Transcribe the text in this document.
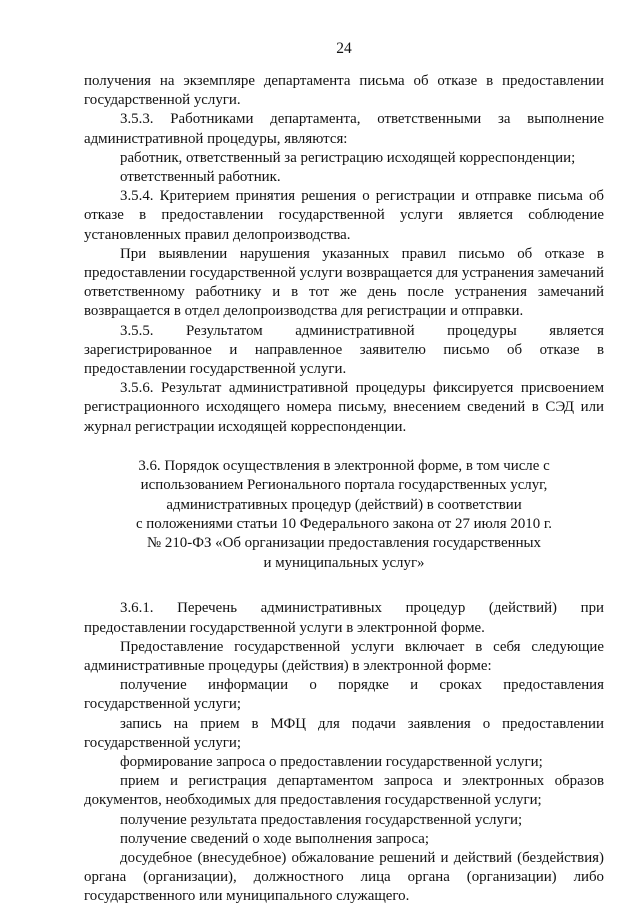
24

получения на экземпляре департамента письма об отказе в предоставлении государственной услуги.

3.5.3. Работниками департамента, ответственными за выполнение административной процедуры, являются:

работник, ответственный за регистрацию исходящей корреспонденции;

ответственный работник.

3.5.4. Критерием принятия решения о регистрации и отправке письма об отказе в предоставлении государственной услуги является соблюдение установленных правил делопроизводства.

При выявлении нарушения указанных правил письмо об отказе в предоставлении государственной услуги возвращается для устранения замечаний ответственному работнику и в тот же день после устранения замечаний возвращается в отдел делопроизводства для регистрации и отправки.

3.5.5. Результатом административной процедуры является зарегистрированное и направленное заявителю письмо об отказе в предоставлении государственной услуги.

3.5.6. Результат административной процедуры фиксируется присвоением регистрационного исходящего номера письму, внесением сведений в СЭД или журнал регистрации исходящей корреспонденции.

3.6. Порядок осуществления в электронной форме, в том числе с
использованием Регионального портала государственных услуг,
административных процедур (действий) в соответствии
с положениями статьи 10 Федерального закона от 27 июля 2010 г.
№ 210-ФЗ «Об организации предоставления государственных
и муниципальных услуг»

3.6.1. Перечень административных процедур (действий) при предоставлении государственной услуги в электронной форме.

Предоставление государственной услуги включает в себя следующие административные процедуры (действия) в электронной форме:

получение информации о порядке и сроках предоставления государственной услуги;

запись на прием в МФЦ для подачи заявления о предоставлении государственной услуги;

формирование запроса о предоставлении государственной услуги;

прием и регистрация департаментом запроса и электронных образов документов, необходимых для предоставления государственной услуги;

получение результата предоставления государственной услуги;

получение сведений о ходе выполнения запроса;

досудебное (внесудебное) обжалование решений и действий (бездействия) органа (организации), должностного лица органа (организации) либо государственного или муниципального служащего.
